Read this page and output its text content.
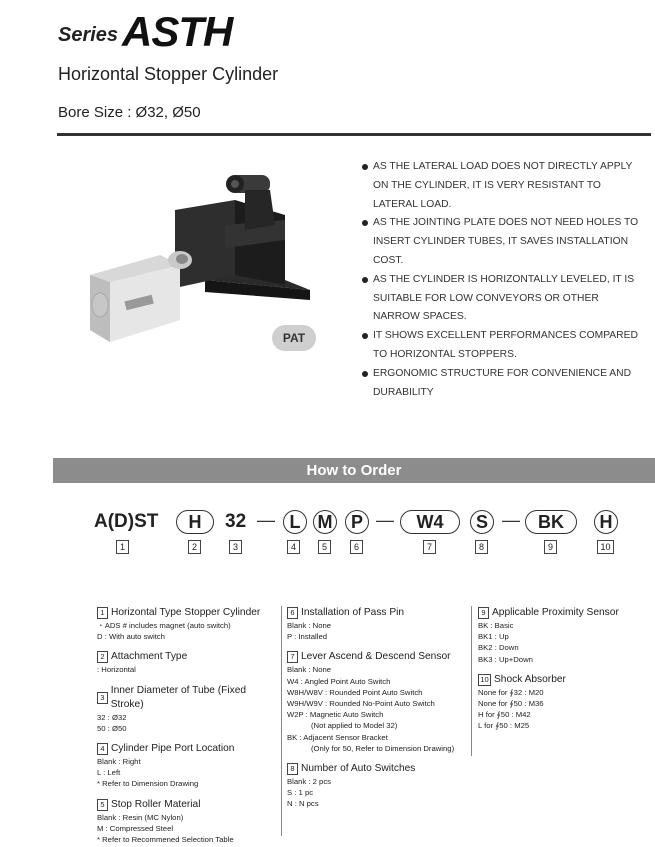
Series ASTH
Horizontal Stopper Cylinder
Bore Size : Ø32, Ø50
PAT
AS THE LATERAL LOAD DOES NOT DIRECTLY APPLY ON THE CYLINDER, IT IS VERY RESISTANT TO LATERAL LOAD.
AS THE JOINTING PLATE DOES NOT NEED HOLES TO INSERT CYLINDER TUBES, IT SAVES INSTALLATION COST.
AS THE CYLINDER IS HORIZONTALLY LEVELED, IT IS SUITABLE FOR LOW CONVEYORS OR OTHER NARROW SPACES.
IT SHOWS EXCELLENT PERFORMANCES COMPARED TO HORIZONTAL STOPPERS.
ERGONOMIC STRUCTURE FOR CONVENIENCE AND DURABILITY
How to Order
A(D)ST	H	32 — L M	P —	W4	S —	BK	H
1	2	3	4	5	6	7	8	9	10
1 Horizontal Type Stopper Cylinder
・ADS # includes magnet (auto switch)
D : With auto switch
2 Attachment Type
: Horizontal
3
Inner Diameter of Tube (Fixed Stroke)
32 : Ø32
50 : Ø50
4 Cylinder Pipe Port Location
Blank : Right
L : Left
* Refer to Dimension Drawing
5 Stop Roller Material
Blank : Resin (MC Nylon)
M : Compressed Steel
* Refer to Recommened Selection Table
6 Installation of Pass Pin
Blank : None
P : Installed
7 Lever Ascend & Descend Sensor
Blank : None
W4 : Angled Point Auto Switch
W8H/W8V : Rounded Point Auto Switch
W9H/W9V : Rounded No-Point Auto Switch
W2P : Magnetic Auto Switch
(Not applied to Model 32)
BK : Adjacent Sensor Bracket
(Only for 50, Refer to Dimension Drawing)
8 Number of Auto Switches
Blank : 2 pcs
S : 1 pc
N : N pcs
9 Applicable Proximity Sensor
BK : Basic
BK1 : Up
BK2 : Down
BK3 : Up+Down
10 Shock Absorber
None for ∮32 : M20
None for ∮50 : M36
H for ∮50 : M42
L for ∮50 : M25
